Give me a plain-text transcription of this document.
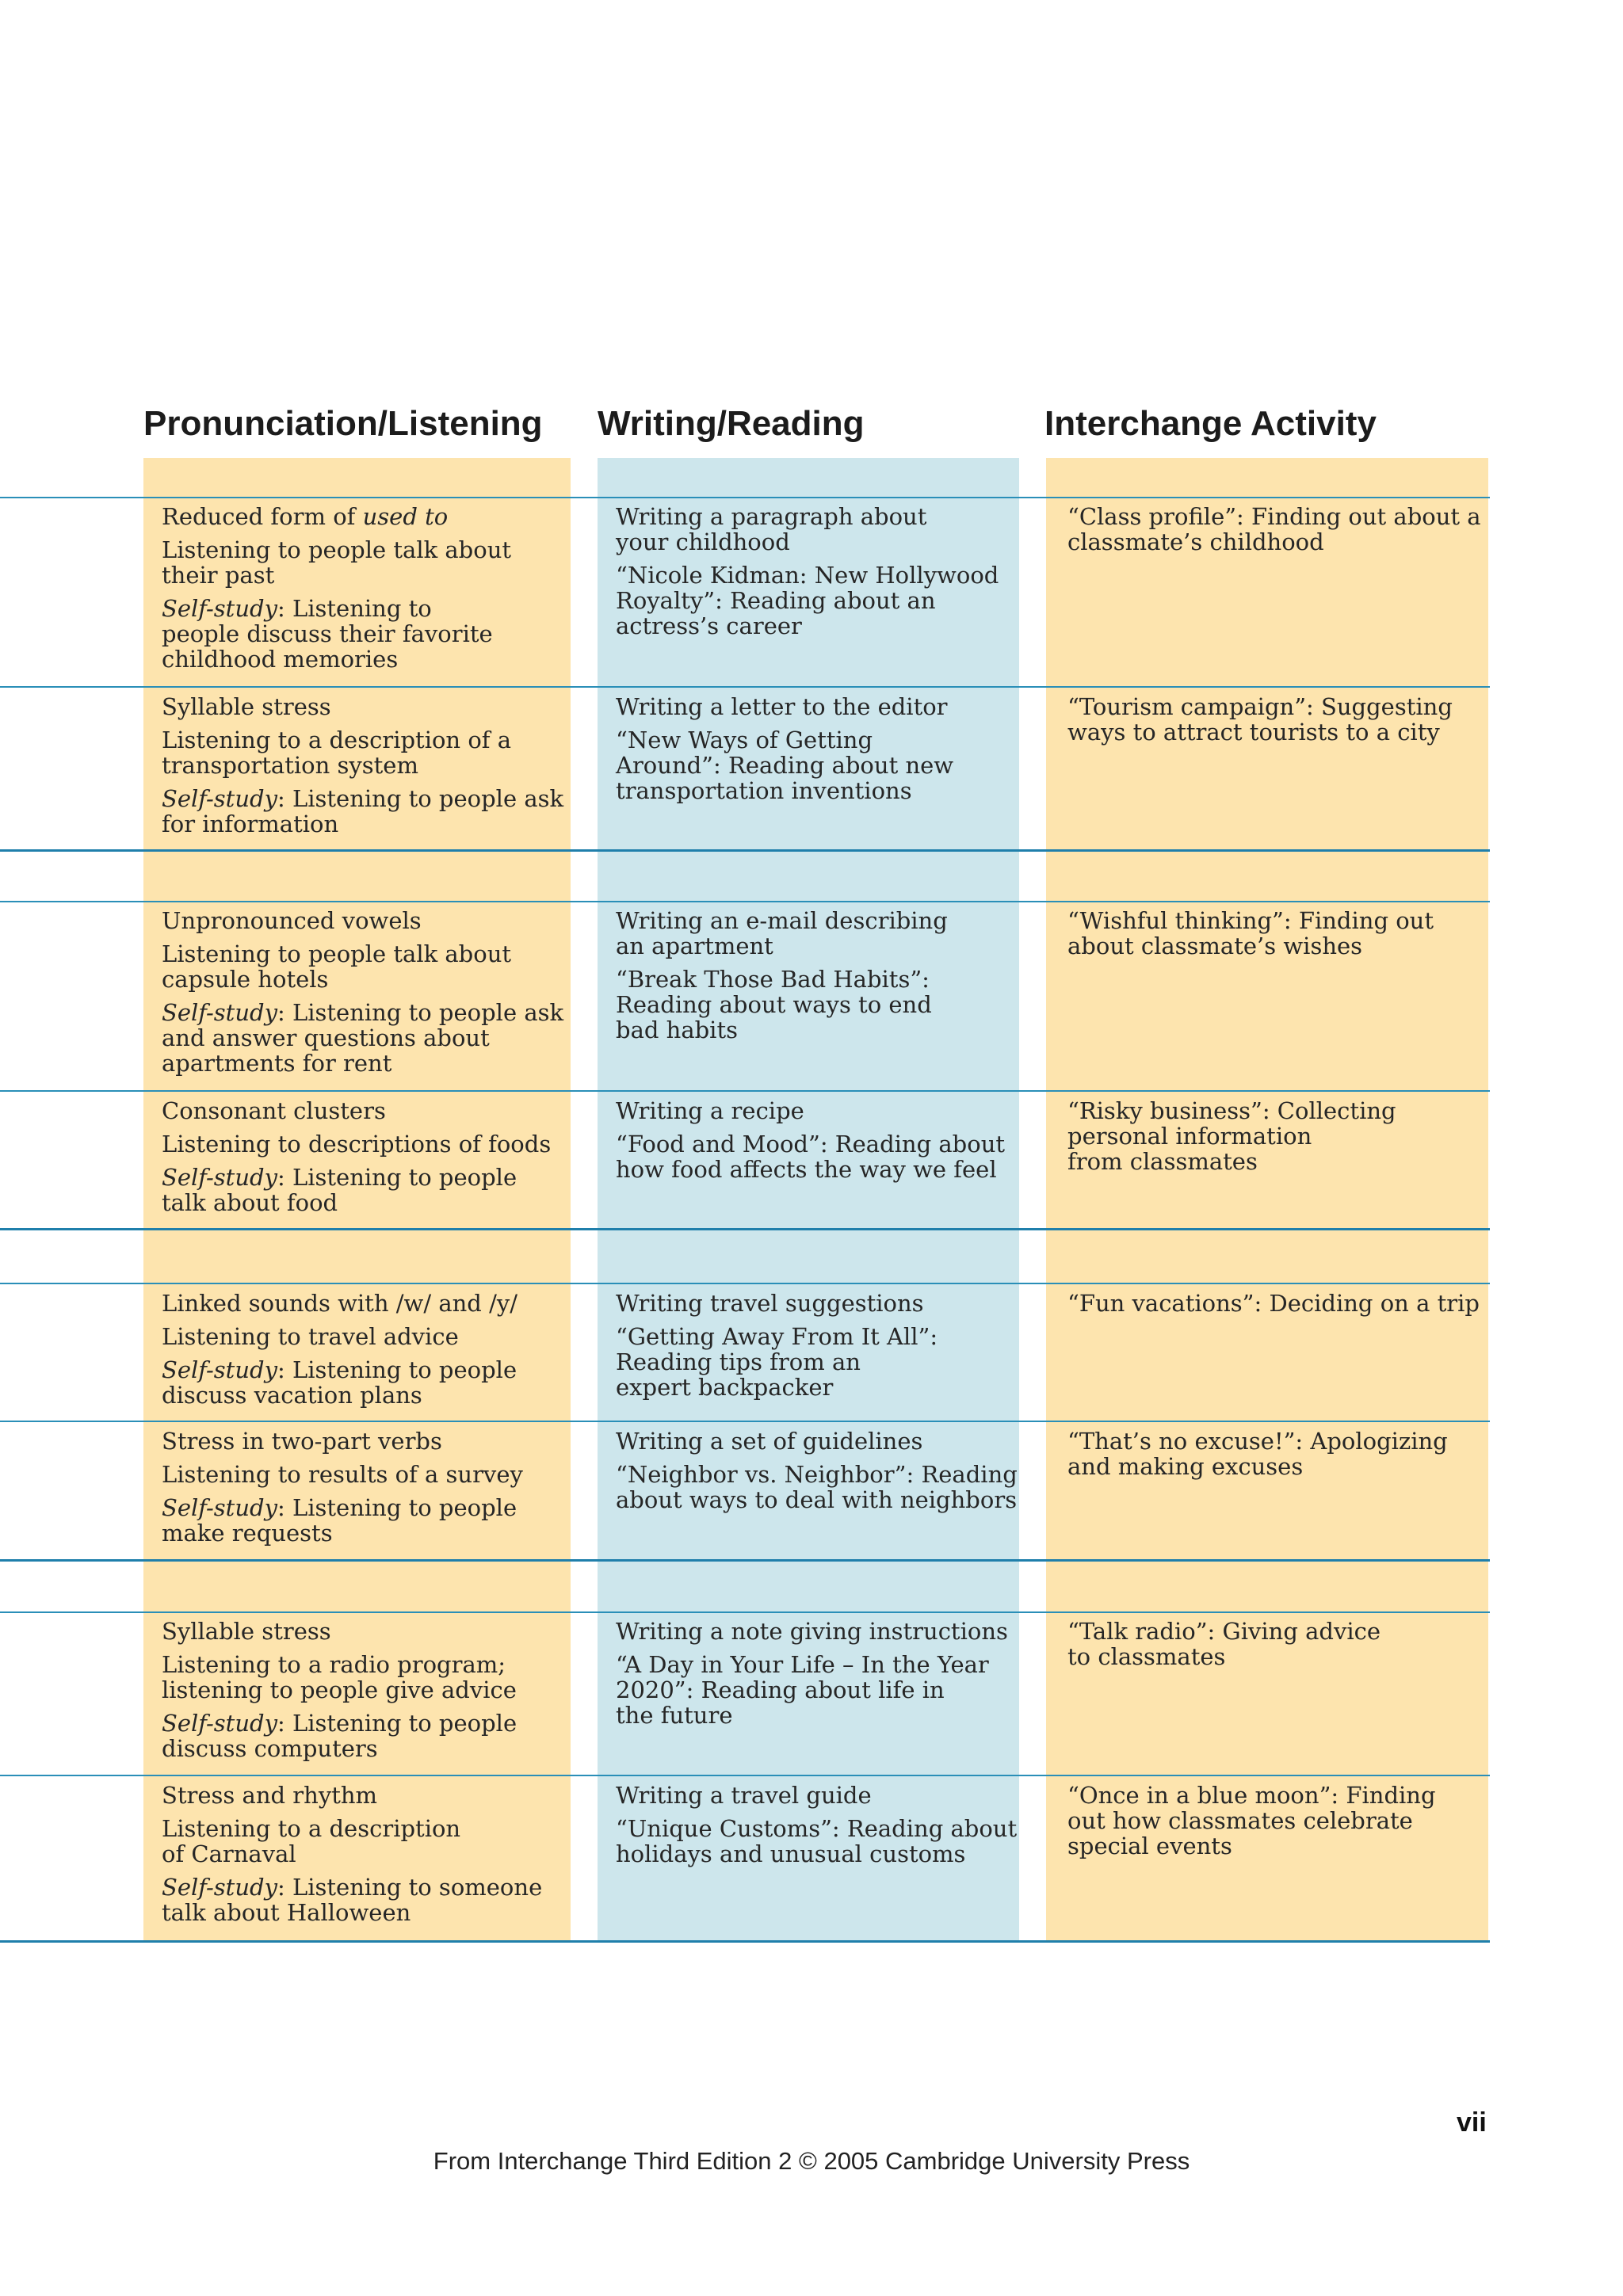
Pronunciation/Listening Writing/Reading	Interchange Activity
Reduced form of used to
Listening to people talk about
their past
Self-study: Listening to
people discuss their favorite
childhood memories
Writing a paragraph about
your childhood
“Nicole Kidman: New Hollywood
Royalty”: Reading about an
actress’s career
“Class profile”: Finding out about a
classmate’s childhood
Syllable stress
Listening to a description of a
transportation system
Self-study: Listening to people ask
for information
Writing a letter to the editor
“New Ways of Getting
Around”: Reading about new
transportation inventions
“Tourism campaign”: Suggesting
ways to attract tourists to a city
Unpronounced vowels
Listening to people talk about
capsule hotels
Self-study: Listening to people ask
and answer questions about
apartments for rent
Writing an e-mail describing
an apartment
“Break Those Bad Habits”:
Reading about ways to end
bad habits
“Wishful thinking”: Finding out
about classmate’s wishes
Consonant clusters
Listening to descriptions of foods
Self-study: Listening to people
talk about food
Writing a recipe
“Food and Mood”: Reading about
how food affects the way we feel
“Risky business”: Collecting
personal information
from classmates
Linked sounds with /w/ and /y/
Listening to travel advice
Self-study: Listening to people
discuss vacation plans
Writing travel suggestions
“Getting Away From It All”:
Reading tips from an
expert backpacker
“Fun vacations”: Deciding on a trip
Stress in two-part verbs
Listening to results of a survey
Self-study: Listening to people
make requests
Writing a set of guidelines
“Neighbor vs. Neighbor”: Reading
about ways to deal with neighbors
“That’s no excuse!”: Apologizing
and making excuses
Syllable stress
Listening to a radio program;
listening to people give advice
Self-study: Listening to people
discuss computers
Writing a note giving instructions
“A Day in Your Life – In the Year
2020”: Reading about life in
the future
“Talk radio”: Giving advice
to classmates
Stress and rhythm
Listening to a description
of Carnaval
Self-study: Listening to someone
talk about Halloween
Writing a travel guide
“Unique Customs”: Reading about
holidays and unusual customs
“Once in a blue moon”: Finding
out how classmates celebrate
special events
vii
From Interchange Third Edition 2 © 2005 Cambridge University Press
